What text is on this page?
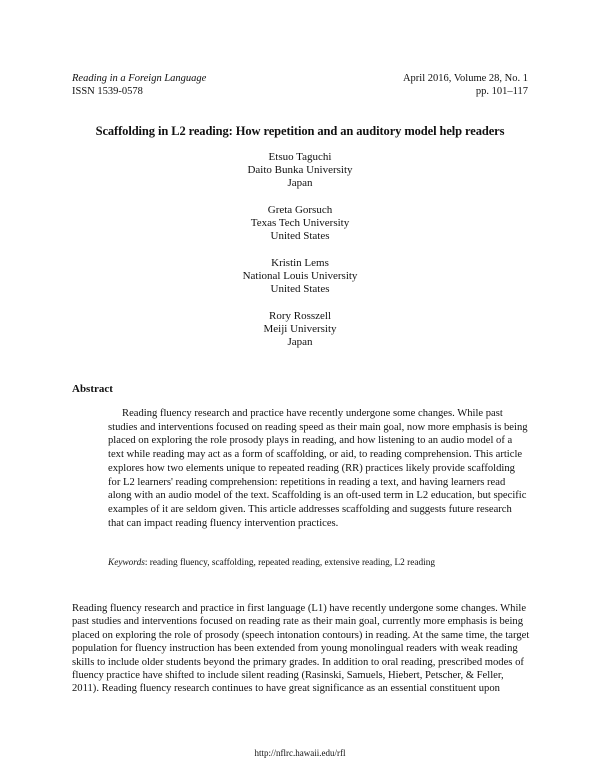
Reading in a Foreign Language
ISSN 1539-0578
April 2016, Volume 28, No. 1
pp. 101–117
Scaffolding in L2 reading: How repetition and an auditory model help readers
Etsuo Taguchi
Daito Bunka University
Japan
Greta Gorsuch
Texas Tech University
United States
Kristin Lems
National Louis University
United States
Rory Rosszell
Meiji University
Japan
Abstract
Reading fluency research and practice have recently undergone some changes. While past studies and interventions focused on reading speed as their main goal, now more emphasis is being placed on exploring the role prosody plays in reading, and how listening to an audio model of a text while reading may act as a form of scaffolding, or aid, to reading comprehension. This article explores how two elements unique to repeated reading (RR) practices likely provide scaffolding for L2 learners' reading comprehension: repetitions in reading a text, and having learners read along with an audio model of the text. Scaffolding is an oft-used term in L2 education, but specific examples of it are seldom given. This article addresses scaffolding and suggests future research that can impact reading fluency intervention practices.
Keywords: reading fluency, scaffolding, repeated reading, extensive reading, L2 reading
Reading fluency research and practice in first language (L1) have recently undergone some changes. While past studies and interventions focused on reading rate as their main goal, currently more emphasis is being placed on exploring the role of prosody (speech intonation contours) in reading. At the same time, the target population for fluency instruction has been extended from young monolingual readers with weak reading skills to include older students beyond the primary grades. In addition to oral reading, prescribed modes of fluency practice have shifted to include silent reading (Rasinski, Samuels, Hiebert, Petscher, & Feller, 2011). Reading fluency research continues to have great significance as an essential constituent upon
http://nflrc.hawaii.edu/rfl
